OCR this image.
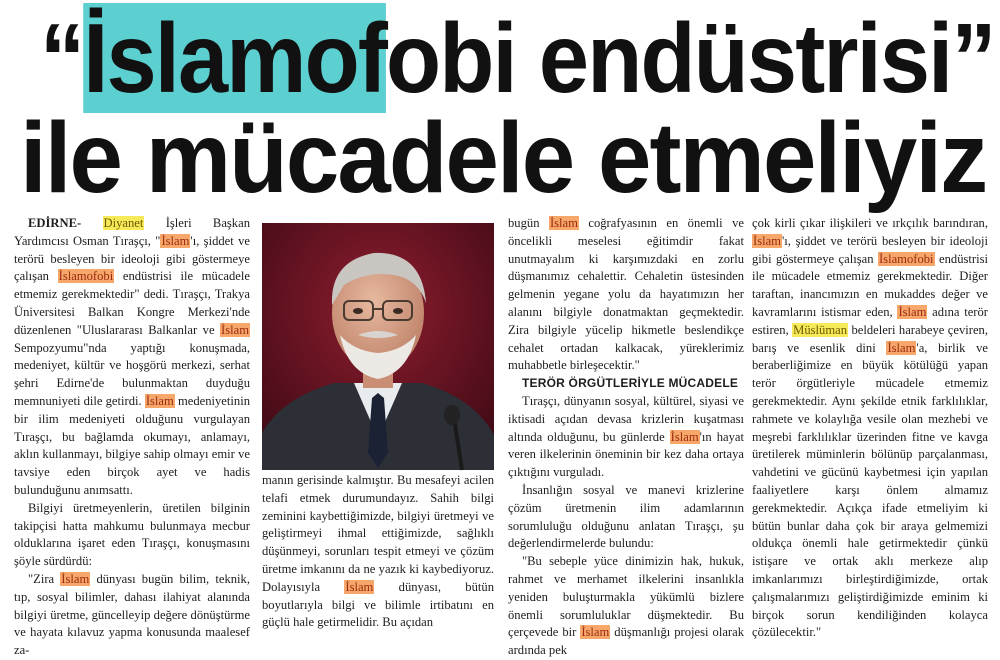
“İslamofobi endüstrisi”
ile mücadele etmeliyiz

EDİRNE- Diyanet İşleri Başkan Yardımcısı Osman Tıraşçı, "İslam'ı, şiddet ve terörü besleyen bir ideoloji gibi göstermeye çalışan İslamofobi endüstrisi ile mücadele etmemiz gerekmektedir" dedi. Tıraşçı, Trakya Üniversitesi Balkan Kongre Merkezi'nde düzenlenen "Uluslararası Balkanlar ve İslam Sempozyumu"nda yaptığı konuşmada, medeniyet, kültür ve hoşgörü merkezi, serhat şehri Edirne'de bulunmaktan duyduğu memnuniyeti dile getirdi. İslam medeniyetinin bir ilim medeniyeti olduğunu vurgulayan Tıraşçı, bu bağlamda okumayı, anlamayı, aklın kullanmayı, bilgiye sahip olmayı emir ve tavsiye eden birçok ayet ve hadis bulunduğunu anımsattı.

Bilgiyi üretmeyenlerin, üretilen bilginin takipçisi hatta mahkumu bulunmaya mecbur olduklarına işaret eden Tıraşçı, konuşmasını şöyle sürdürdü:

"Zira İslam dünyası bugün bilim, teknik, tıp, sosyal bilimler, dahası ilahiyat alanında bilgiyi üretme, güncelleyip değere dönüştürme ve hayata kılavuz yapma konusunda maalesef za-

manın gerisinde kalmıştır. Bu mesafeyi acilen telafi etmek durumundayız. Sahih bilgi zeminini kaybettiğimizde, bilgiyi üretmeyi ve geliştirmeyi ihmal ettiğimizde, sağlıklı düşünmeyi, sorunları tespit etmeyi ve çözüm üretme imkanını da ne yazık ki kaybediyoruz. Dolayısıyla İslam dünyası, bütün boyutlarıyla bilgi ve bilimle irtibatını en güçlü hale getirmelidir. Bu açıdan

bugün İslam coğrafyasının en önemli ve öncelikli meselesi eğitimdir fakat unutmayalım ki karşımızdaki en zorlu düşmanımız cehalettir. Cehaletin üstesinden gelmenin yegane yolu da hayatımızın her alanını bilgiyle donatmaktan geçmektedir. Zira bilgiyle yücelip hikmetle beslendikçe cehalet ortadan kalkacak, yüreklerimiz muhabbetle birleşecektir."

TERÖR ÖRGÜTLERİYLE MÜCADELE

Tıraşçı, dünyanın sosyal, kültürel, siyasi ve iktisadi açıdan devasa krizlerin kuşatması altında olduğunu, bu günlerde İslam'ın hayat veren ilkelerinin öneminin bir kez daha ortaya çıktığını vurguladı.

İnsanlığın sosyal ve manevi krizlerine çözüm üretmenin ilim adamlarının sorumluluğu olduğunu anlatan Tıraşçı, şu değerlendirmelerde bulundu:

"Bu sebeple yüce dinimizin hak, hukuk, rahmet ve merhamet ilkelerini insanlıkla yeniden buluşturmakla yükümlü bizlere önemli sorumluluklar düşmektedir. Bu çerçevede bir İslam düşmanlığı projesi olarak ardında pek

çok kirli çıkar ilişkileri ve ırkçılık barındıran, İslam'ı, şiddet ve terörü besleyen bir ideoloji gibi göstermeye çalışan İslamofobi endüstrisi ile mücadele etmemiz gerekmektedir. Diğer taraftan, inancımızın en mukaddes değer ve kavramlarını istismar eden, İslam adına terör estiren, Müslüman beldeleri harabeye çeviren, barış ve esenlik dini İslam'a, birlik ve beraberliğimize en büyük kötülüğü yapan terör örgütleriyle mücadele etmemiz gerekmektedir. Aynı şekilde etnik farklılıklar, rahmete ve kolaylığa vesile olan mezhebi ve meşrebi farklılıklar üzerinden fitne ve kavga üretilerek müminlerin bölünüp parçalanması, vahdetini ve gücünü kaybetmesi için yapılan faaliyetlere karşı önlem almamız gerekmektedir. Açıkça ifade etmeliyim ki bütün bunlar daha çok bir araya gelmemizi oldukça önemli hale getirmektedir çünkü istişare ve ortak aklı merkeze alıp imkanlarımızı birleştirdiğimizde, ortak çalışmalarımızı geliştirdiğimizde eminim ki birçok sorun kendiliğinden kolayca çözülecektir."
